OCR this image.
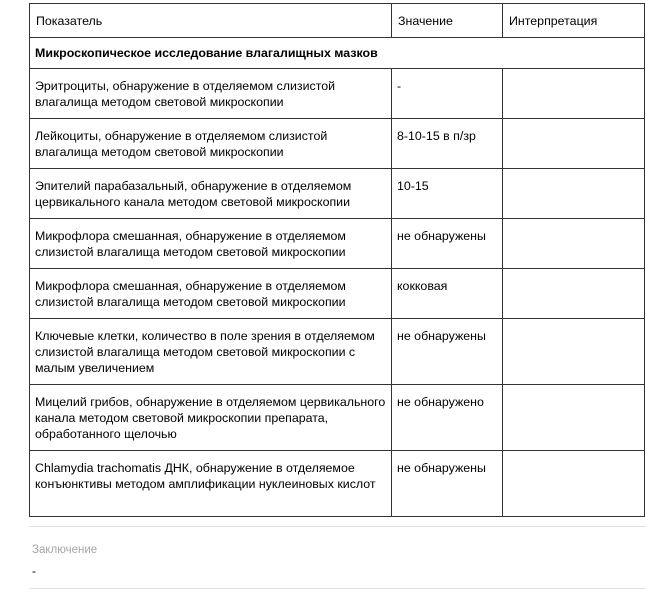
Показатель	Значение	Интерпретация
Микроскопическое исследование влагалищных мазков		
Эритроциты, обнаружение в отделяемом слизистой влагалища методом световой микроскопии	-	
Лейкоциты, обнаружение в отделяемом слизистой влагалища методом световой микроскопии	8-10-15 в п/зр	
Эпителий парабазальный, обнаружение в отделяемом цервикального канала методом световой микроскопии	10-15	
Микрофлора смешанная, обнаружение в отделяемом слизистой влагалища методом световой микроскопии	не обнаружены	
Микрофлора смешанная, обнаружение в отделяемом слизистой влагалища методом световой микроскопии	кокковая	
Ключевые клетки, количество в поле зрения в отделяемом слизистой влагалища методом световой микроскопии с малым увеличением	не обнаружены	
Мицелий грибов, обнаружение в отделяемом цервикального канала методом световой микроскопии препарата, обработанного щелочью	не обнаружено	
Chlamydia trachomatis ДНК, обнаружение в отделяемое конъюнктивы методом амплификации нуклеиновых кислот	не обнаружены	
Заключение
-
